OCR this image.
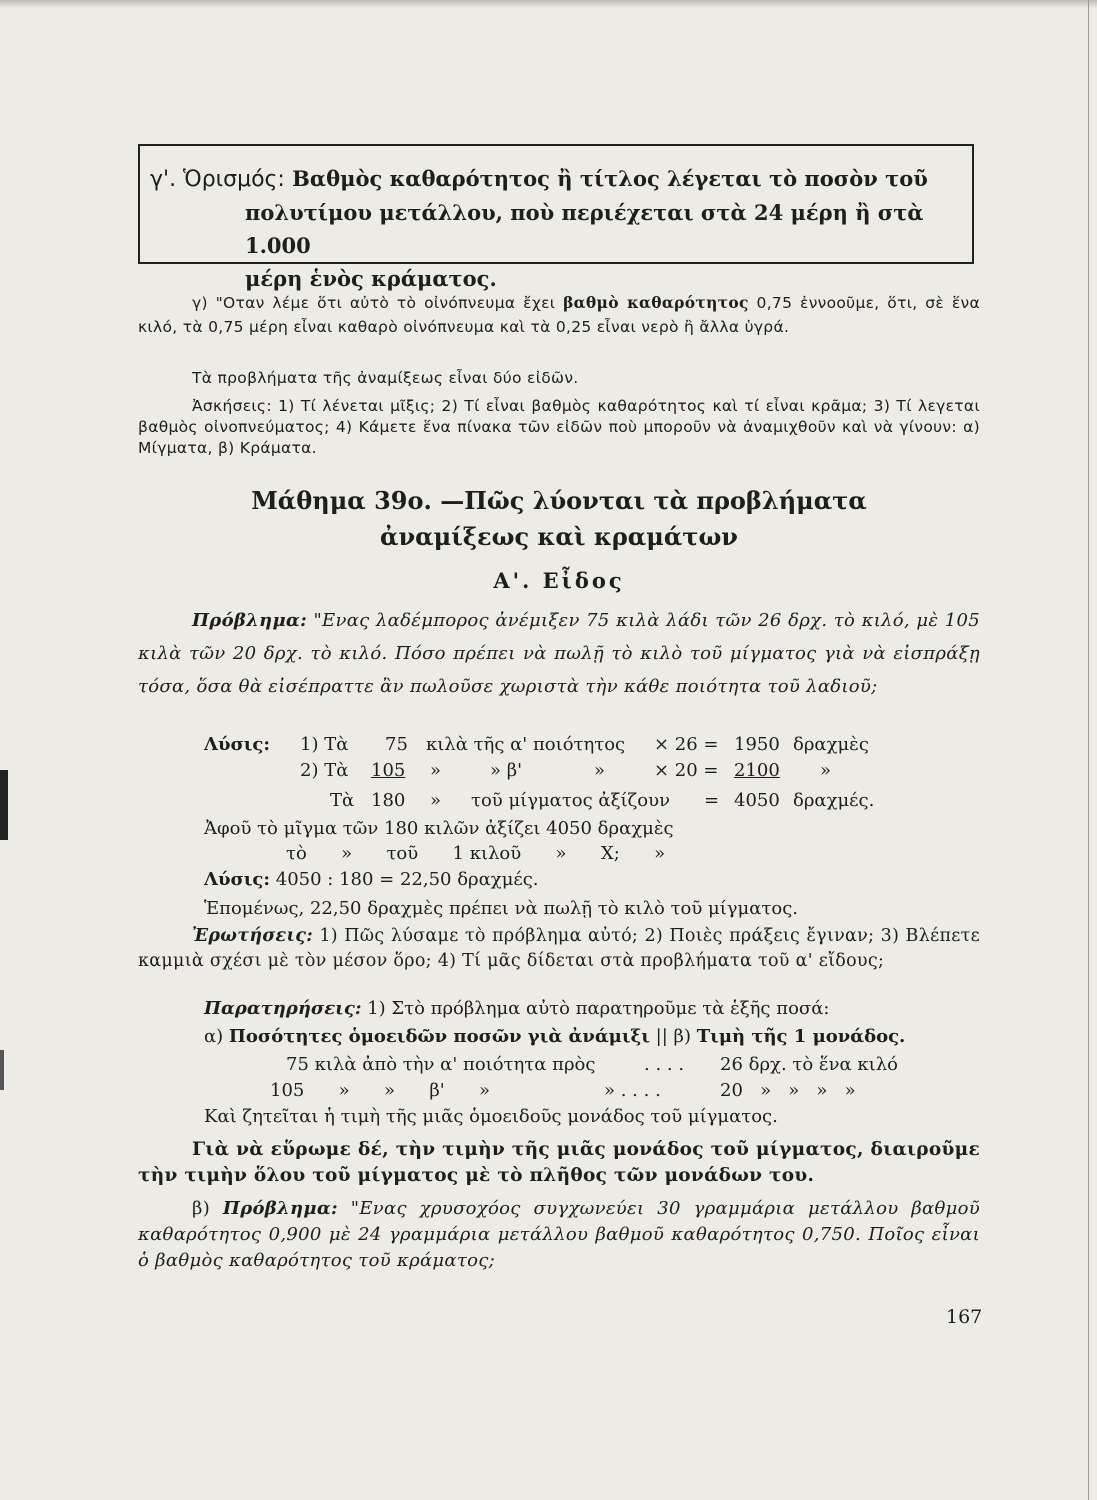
γ'. Ὁρισμός: Βαθμὸς καθαρότητος ἢ τίτλος λέγεται τὸ ποσὸν τοῦ
πολυτίμου μετάλλου, ποὺ περιέχεται στὰ 24 μέρη ἢ στὰ 1.000
μέρη ἑνὸς κράματος.
γ) "Οταν λέμε ὅτι αὐτὸ τὸ οἰνόπνευμα ἔχει βαθμὸ καθαρότητος 0,75 ἐννοοῦμε, ὅτι, σὲ ἕνα κιλό, τὰ 0,75 μέρη εἶναι καθαρὸ οἰνόπνευμα καὶ τὰ 0,25 εἶναι νερὸ ἢ ἄλλα ὑγρά.
Τὰ προβλήματα τῆς ἀναμίξεως εἶναι δύο εἰδῶν.
Ἀσκήσεις: 1) Τί λένεται μῖξις; 2) Τί εἶναι βαθμὸς καθαρότητος καὶ τί εἶναι κρᾶμα; 3) Τί λεγεται βαθμὸς οἰνοπνεύματος; 4) Κάμετε ἕνα πίνακα τῶν εἰδῶν ποὺ μποροῦν νὰ ἀναμιχθοῦν καὶ νὰ γίνουν: α) Μίγματα, β) Κράματα.
Μάθημα 39ο. —Πῶς λύονται τὰ προβλήματα
ἀναμίξεως καὶ κραμάτων
Α'. Εἶδος
Πρόβλημα: "Ενας λαδέμπορος ἀνέμιξεν 75 κιλὰ λάδι τῶν 26 δρχ. τὸ κιλό, μὲ 105 κιλὰ τῶν 20 δρχ. τὸ κιλό. Πόσο πρέπει νὰ πωλῇ τὸ κιλὸ τοῦ μίγματος γιὰ νὰ εἰσπράξῃ τόσα, ὅσα θὰ εἰσέπραττε ἂν πωλοῦσε χωριστὰ τὴν κάθε ποιότητα τοῦ λαδιοῦ;
Λύσις: 1) Τὰ 75 κιλὰ τῆς α' ποιότητος × 26 = 1950 δραχμὲς
2) Τὰ 105 »	» β'	»	× 20 = 2100 »
Τὰ 180 » τοῦ μίγματος ἀξίζουν = 4050 δραχμές.
Ἀφοῦ τὸ μῖγμα τῶν 180 κιλῶν ἀξίζει 4050 δραχμὲς
τὸ      »      τοῦ      1 κιλοῦ      »      Χ;      »
Λύσις: 4050 : 180 = 22,50 δραχμές.
Ἑπομένως, 22,50 δραχμὲς πρέπει νὰ πωλῇ τὸ κιλὸ τοῦ μίγματος.
Ἐρωτήσεις: 1) Πῶς λύσαμε τὸ πρόβλημα αὐτό; 2) Ποιὲς πράξεις ἔγιναν; 3) Βλέπετε καμμιὰ σχέσι μὲ τὸν μέσον ὅρο; 4) Τί μᾶς δίδεται στὰ προβλήματα τοῦ α' εἴδους;
Παρατηρήσεις: 1) Στὸ πρόβλημα αὐτὸ παρατηροῦμε τὰ ἑξῆς ποσά:
α) Ποσότητες ὁμοειδῶν ποσῶν γιὰ ἀνάμιξι || β) Τιμὴ τῆς 1 μονάδος.
75 κιλὰ ἀπὸ τὴν α' ποιότητα πρὸς	. . . . 26 δρχ. τὸ ἕνα κιλό
105      »      »      β'      »	» . . . .	20   »   »   »   »
Καὶ ζητεῖται ἡ τιμὴ τῆς μιᾶς ὁμοειδοῦς μονάδος τοῦ μίγματος.
Γιὰ νὰ εὕρωμε δέ, τὴν τιμὴν τῆς μιᾶς μονάδος τοῦ μίγματος, διαιροῦμε τὴν τιμὴν ὅλου τοῦ μίγματος μὲ τὸ πλῆθος τῶν μονάδων του.
β) Πρόβλημα: "Ενας χρυσοχόος συγχωνεύει 30 γραμμάρια μετάλλου βαθμοῦ καθαρότητος 0,900 μὲ 24 γραμμάρια μετάλλου βαθμοῦ καθαρότητος 0,750. Ποῖος εἶναι ὁ βαθμὸς καθαρότητος τοῦ κράματος;
167
